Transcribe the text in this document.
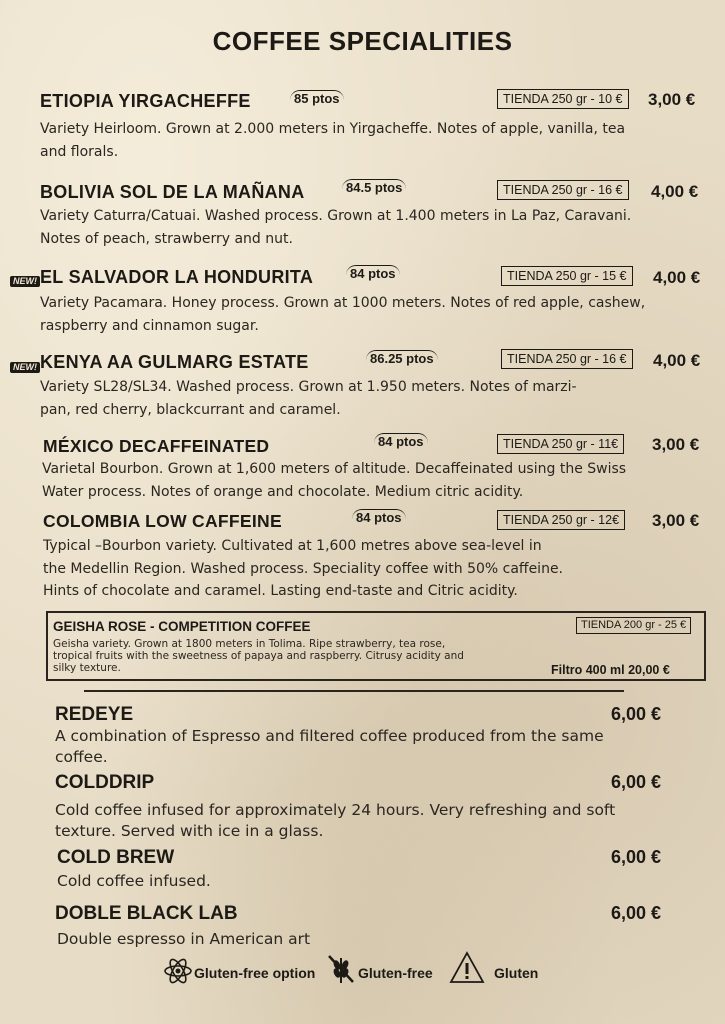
COFFEE SPECIALITIES
ETIOPIA YIRGACHEFFE	85 ptos	TIENDA 250 gr - 10 €	3,00 €
Variety Heirloom. Grown at 2.000 meters in Yirgacheffe. Notes of apple, vanilla, tea
and florals.
BOLIVIA SOL DE LA MAÑANA	84.5 ptos	TIENDA 250 gr - 16 €	4,00 €
Variety Caturra/Catuai. Washed process. Grown at 1.400 meters in La Paz, Caravani.
Notes of peach, strawberry and nut.
NEW! EL SALVADOR LA HONDURITA	84 ptos	TIENDA 250 gr - 15 €	4,00 €
Variety Pacamara. Honey process. Grown at 1000 meters. Notes of red apple, cashew,
raspberry and cinnamon sugar.
NEW! KENYA AA GULMARG ESTATE	86.25 ptos	TIENDA 250 gr - 16 €	4,00 €
Variety SL28/SL34. Washed process. Grown at 1.950 meters. Notes of marzi-
pan, red cherry, blackcurrant and caramel.
MÉXICO DECAFFEINATED	84 ptos	TIENDA 250 gr - 11€	3,00 €
Varietal Bourbon. Grown at 1,600 meters of altitude. Decaffeinated using the Swiss
Water process. Notes of orange and chocolate. Medium citric acidity.
COLOMBIA LOW CAFFEINE	84 ptos	TIENDA 250 gr - 12€	3,00 €
Typical –Bourbon variety. Cultivated at 1,600 metres above sea-level in
the Medellin Region. Washed process. Speciality coffee with 50% caffeine.
Hints of chocolate and caramel. Lasting end-taste and Citric acidity.
GEISHA ROSE - COMPETITION COFFEE	TIENDA 200 gr - 25 €
Geisha variety. Grown at 1800 meters in Tolima. Ripe strawberry, tea rose,
tropical fruits with the sweetness of papaya and raspberry. Citrusy acidity and
silky texture.	Filtro 400 ml 20,00 €
REDEYE	6,00 €
A combination of Espresso and filtered coffee produced from the same
coffee.
COLDDRIP	6,00 €
Cold coffee infused for approximately 24 hours. Very refreshing and soft
texture. Served with ice in a glass.
COLD BREW	6,00 €
Cold coffee infused.
DOBLE BLACK LAB	6,00 €
Double espresso in American art
Gluten-free option	Gluten-free	Gluten
